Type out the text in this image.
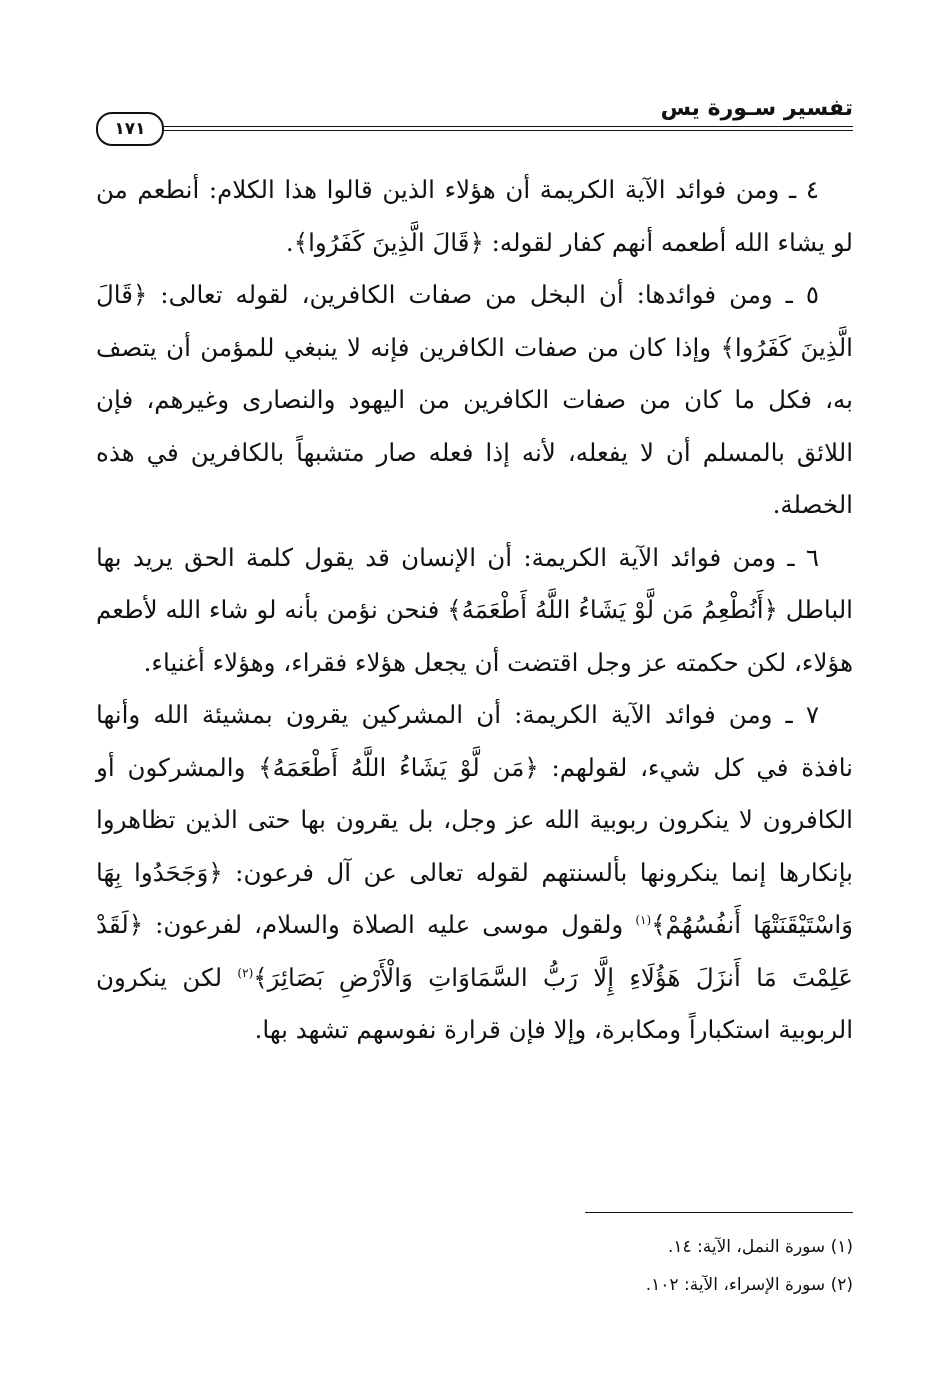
تفسير سـورة يس
١٧١

٤ ـ ومن فوائد الآية الكريمة أن هؤلاء الذين قالوا هذا الكلام: أنطعم من لو يشاء الله أطعمه أنهم كفار لقوله: ﴿قَالَ الَّذِينَ كَفَرُوا﴾.

٥ ـ ومن فوائدها: أن البخل من صفات الكافرين، لقوله تعالى: ﴿قَالَ الَّذِينَ كَفَرُوا﴾ وإذا كان من صفات الكافرين فإنه لا ينبغي للمؤمن أن يتصف به، فكل ما كان من صفات الكافرين من اليهود والنصارى وغيرهم، فإن اللائق بالمسلم أن لا يفعله، لأنه إذا فعله صار متشبهاً بالكافرين في هذه الخصلة.

٦ ـ ومن فوائد الآية الكريمة: أن الإنسان قد يقول كلمة الحق يريد بها الباطل ﴿أَنُطْعِمُ مَن لَّوْ يَشَاءُ اللَّهُ أَطْعَمَهُ﴾ فنحن نؤمن بأنه لو شاء الله لأطعم هؤلاء، لكن حكمته عز وجل اقتضت أن يجعل هؤلاء فقراء، وهؤلاء أغنياء.

٧ ـ ومن فوائد الآية الكريمة: أن المشركين يقرون بمشيئة الله وأنها نافذة في كل شيء، لقولهم: ﴿مَن لَّوْ يَشَاءُ اللَّهُ أَطْعَمَهُ﴾ والمشركون أو الكافرون لا ينكرون ربوبية الله عز وجل، بل يقرون بها حتى الذين تظاهروا بإنكارها إنما ينكرونها بألسنتهم لقوله تعالى عن آل فرعون: ﴿وَجَحَدُوا بِهَا وَاسْتَيْقَنَتْهَا أَنفُسُهُمْ﴾$^{(١)}$ ولقول موسى عليه الصلاة والسلام، لفرعون: ﴿لَقَدْ عَلِمْتَ مَا أَنزَلَ هَؤُلَاءِ إِلَّا رَبُّ السَّمَاوَاتِ وَالْأَرْضِ بَصَائِرَ﴾$^{(٢)}$ لكن ينكرون الربوبية استكباراً ومكابرة، وإلا فإن قرارة نفوسهم تشهد بها.

(١) سورة النمل، الآية: ١٤.
(٢) سورة الإسراء، الآية: ١٠٢.
